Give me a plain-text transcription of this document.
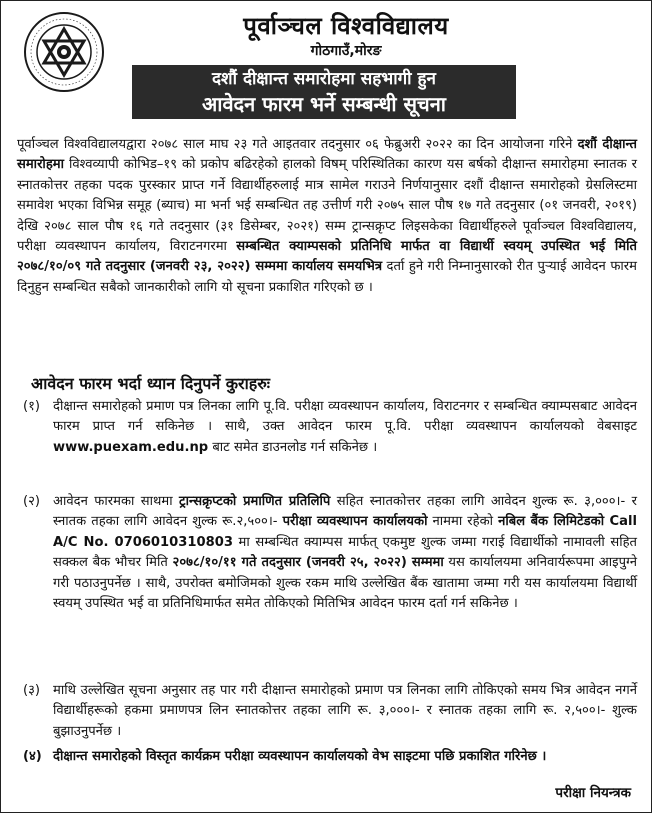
पूर्वाञ्चल विश्वविद्यालय
गोठगाउँ,मोरङ
दशौं दीक्षान्त समारोहमा सहभागी हुन
आवेदन फारम भर्ने सम्बन्धी सूचना
पूर्वाञ्चल विश्वविद्यालयद्वारा २०७८ साल माघ २३ गते आइतवार तदनुसार ०६ फेब्रुअरी २०२२ का दिन आयोजना गरिने दशौं दीक्षान्त समारोहमा विश्वव्यापी कोभिड–१९ को प्रकोप बढिरहेको हालको विषम् परिस्थितिका कारण यस बर्षको दीक्षान्त समारोहमा स्नातक र स्नातकोत्तर तहका पदक पुरस्कार प्राप्त गर्ने विद्यार्थीहरुलाई मात्र सामेल गराउने निर्णयानुसार दशौं दीक्षान्त समारोहको ग्रेसलिस्टमा समावेश भएका विभिन्न समूह (ब्याच) मा भर्ना भई सम्बन्धित तह उत्तीर्ण गरी २०७५ साल पौष १७ गते तदनुसार (०१ जनवरी, २०१९) देखि २०७८ साल पौष १६ गते तदनुसार (३१ डिसेम्बर, २०२१) सम्म ट्रान्सक्रृप्ट लिइसकेका विद्यार्थीहरुले पूर्वाञ्चल विश्वविद्यालय, परीक्षा व्यवस्थापन कार्यालय, विराटनगरमा सम्बन्धित क्याम्पसको प्रतिनिधि मार्फत वा विद्यार्थी स्वयम् उपस्थित भई मिति २०७८/१०/०९ गते तदनुसार (जनवरी २३, २०२२) सम्ममा कार्यालय समयभित्र दर्ता हुने गरी निम्नानुसारको रीत पुऱ्याई आवेदन फारम दिनुहुन सम्बन्धित सबैको जानकारीको लागि यो सूचना प्रकाशित गरिएको छ ।
आवेदन फारम भर्दा ध्यान दिनुपर्ने कुराहरुः
(१) दीक्षान्त समारोहको प्रमाण पत्र लिनका लागि पू.वि. परीक्षा व्यवस्थापन कार्यालय, विराटनगर र सम्बन्धित क्याम्पसबाट आवेदन फारम प्राप्त गर्न सकिनेछ । साथै, उक्त आवेदन फारम पू.वि. परीक्षा व्यवस्थापन कार्यालयको वेबसाइट www.puexam.edu.np बाट समेत डाउनलोड गर्न सकिनेछ ।
(२) आवेदन फारमका साथमा ट्रान्सक्रृप्टको प्रमाणित प्रतिलिपि सहित स्नातकोत्तर तहका लागि आवेदन शुल्क रू. ३,०००।- र स्नातक तहका लागि आवेदन शुल्क रू.२,५००।- परीक्षा व्यवस्थापन कार्यालयको नाममा रहेको नबिल बैंक लिमिटेडको Call A/C No. 0706010310803 मा सम्बन्धित क्याम्पस मार्फत् एकमुष्ट शुल्क जम्मा गराई विद्यार्थीको नामावली सहित सक्कल बैक भौचर मिति २०७८/१०/११ गते तदनुसार (जनवरी २५, २०२२) सम्ममा यस कार्यालयमा अनिवार्यरूपमा आइपुग्ने गरी पठाउनुपर्नेछ । साथै, उपरोक्त बमोजिमको शुल्क रकम माथि उल्लेखित बैंक खातामा जम्मा गरी यस कार्यालयमा विद्यार्थी स्वयम् उपस्थित भई वा प्रतिनिधिमार्फत समेत तोकिएको मितिभित्र आवेदन फारम दर्ता गर्न सकिनेछ ।
(३) माथि उल्लेखित सूचना अनुसार तह पार गरी दीक्षान्त समारोहको प्रमाण पत्र लिनका लागि तोकिएको समय भित्र आवेदन नगर्ने विद्यार्थीहरूको हकमा प्रमाणपत्र लिन स्नातकोत्तर तहका लागि रू. ३,०००।- र स्नातक तहका लागि रू. २,५००।- शुल्क बुझाउनुपर्नेछ ।
(४) दीक्षान्त समारोहको विस्तृत कार्यक्रम परीक्षा व्यवस्थापन कार्यालयको वेभ साइटमा पछि प्रकाशित गरिनेछ ।
परीक्षा नियन्त्रक
